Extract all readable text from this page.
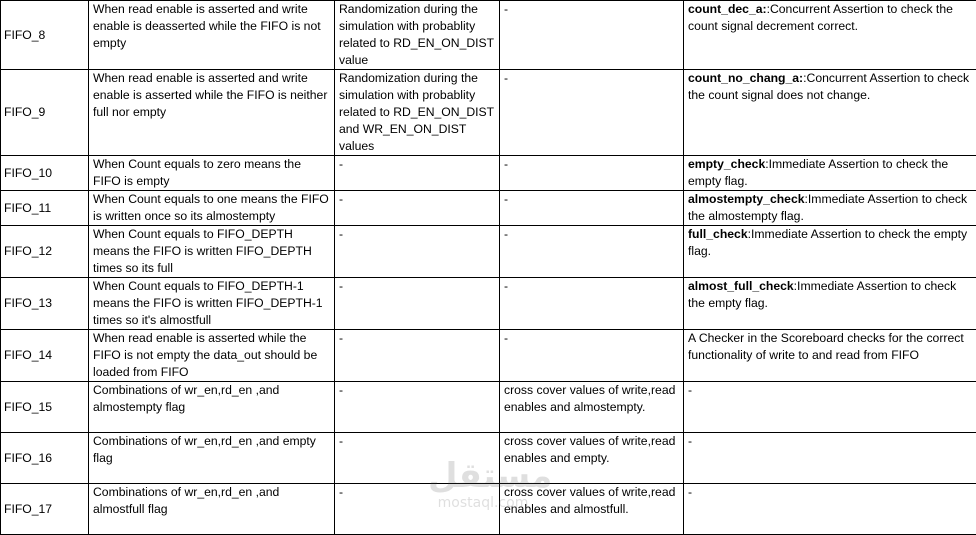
FIFO_8	When read enable is asserted and write enable is deasserted while the FIFO is not empty	Randomization during the simulation with probablity related to RD_EN_ON_DIST value	-	count_dec_a::Concurrent Assertion to check the count signal decrement correct.
FIFO_9	When read enable is asserted and write enable is asserted while the FIFO is neither full nor empty	Randomization during the simulation with probablity related to RD_EN_ON_DIST and WR_EN_ON_DIST values	-	count_no_chang_a::Concurrent Assertion to check the count signal does not change.
FIFO_10	When Count equals to zero means the FIFO is empty	-	-	empty_check:Immediate Assertion to check the empty flag.
FIFO_11	When Count equals to one means the FIFO is written once so its almostempty	-	-	almostempty_check:Immediate Assertion to check the almostempty flag.
FIFO_12	When Count equals to FIFO_DEPTH means the FIFO is written FIFO_DEPTH times so its full	-	-	full_check:Immediate Assertion to check the empty flag.
FIFO_13	When Count equals to FIFO_DEPTH-1 means the FIFO is written FIFO_DEPTH-1 times so it's almostfull	-	-	almost_full_check:Immediate Assertion to check the empty flag.
FIFO_14	When read enable is asserted while the FIFO is not empty the data_out should be loaded from FIFO	-	-	A Checker in the Scoreboard checks for the correct functionality of write to and read from FIFO
FIFO_15	Combinations of wr_en,rd_en ,and almostempty flag	-	cross cover values of write,read enables and almostempty.	-
FIFO_16	Combinations of wr_en,rd_en ,and empty flag	-	cross cover values of write,read enables and empty.	-
FIFO_17	Combinations of wr_en,rd_en ,and almostfull flag	-	cross cover values of write,read enables and almostfull.	-
مستقل
mostaql.com
